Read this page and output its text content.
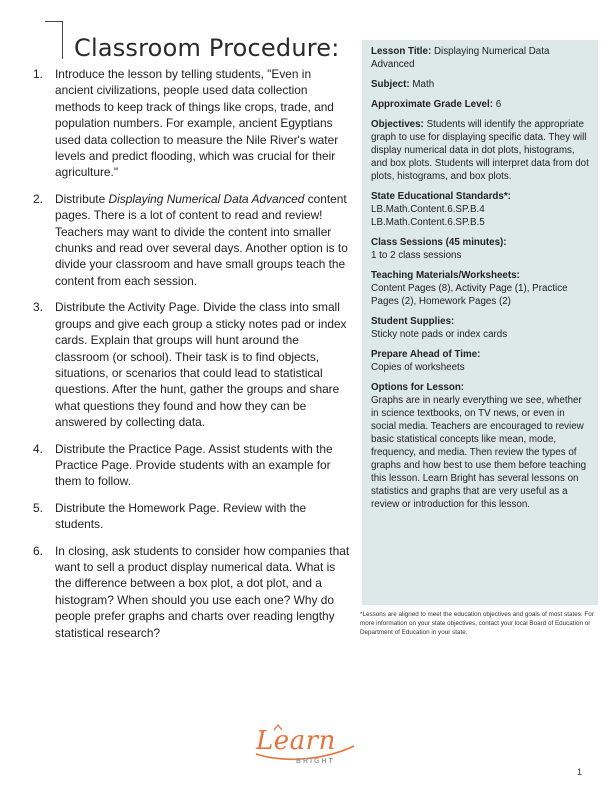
Classroom Procedure:
1. Introduce the lesson by telling students, "Even in ancient civilizations, people used data collection methods to keep track of things like crops, trade, and population numbers. For example, ancient Egyptians used data collection to measure the Nile River's water levels and predict flooding, which was crucial for their agriculture."
2. Distribute Displaying Numerical Data Advanced content pages. There is a lot of content to read and review! Teachers may want to divide the content into smaller chunks and read over several days. Another option is to divide your classroom and have small groups teach the content from each session.
3. Distribute the Activity Page. Divide the class into small groups and give each group a sticky notes pad or index cards. Explain that groups will hunt around the classroom (or school). Their task is to find objects, situations, or scenarios that could lead to statistical questions. After the hunt, gather the groups and share what questions they found and how they can be answered by collecting data.
4. Distribute the Practice Page. Assist students with the Practice Page. Provide students with an example for them to follow.
5. Distribute the Homework Page. Review with the students.
6. In closing, ask students to consider how companies that want to sell a product display numerical data. What is the difference between a box plot, a dot plot, and a histogram? When should you use each one? Why do people prefer graphs and charts over reading lengthy statistical research?
Lesson Title: Displaying Numerical Data Advanced
Subject: Math
Approximate Grade Level: 6
Objectives: Students will identify the appropriate graph to use for displaying specific data. They will display numerical data in dot plots, histograms, and box plots. Students will interpret data from dot plots, histograms, and box plots.
State Educational Standards*:
LB.Math.Content.6.SP.B.4
LB.Math.Content.6.SP.B.5
Class Sessions (45 minutes):
1 to 2 class sessions
Teaching Materials/Worksheets:
Content Pages (8), Activity Page (1), Practice Pages (2), Homework Pages (2)
Student Supplies:
Sticky note pads or index cards
Prepare Ahead of Time:
Copies of worksheets
Options for Lesson:
Graphs are in nearly everything we see, whether in science textbooks, on TV news, or even in social media. Teachers are encouraged to review basic statistical concepts like mean, mode, frequency, and media. Then review the types of graphs and how best to use them before teaching this lesson. Learn Bright has several lessons on statistics and graphs that are very useful as a review or introduction for this lesson.
*Lessons are aligned to meet the education objectives and goals of most states. For more information on your state objectives, contact your local Board of Education or Department of Education in your state.
Learn
BRIGHT
1
